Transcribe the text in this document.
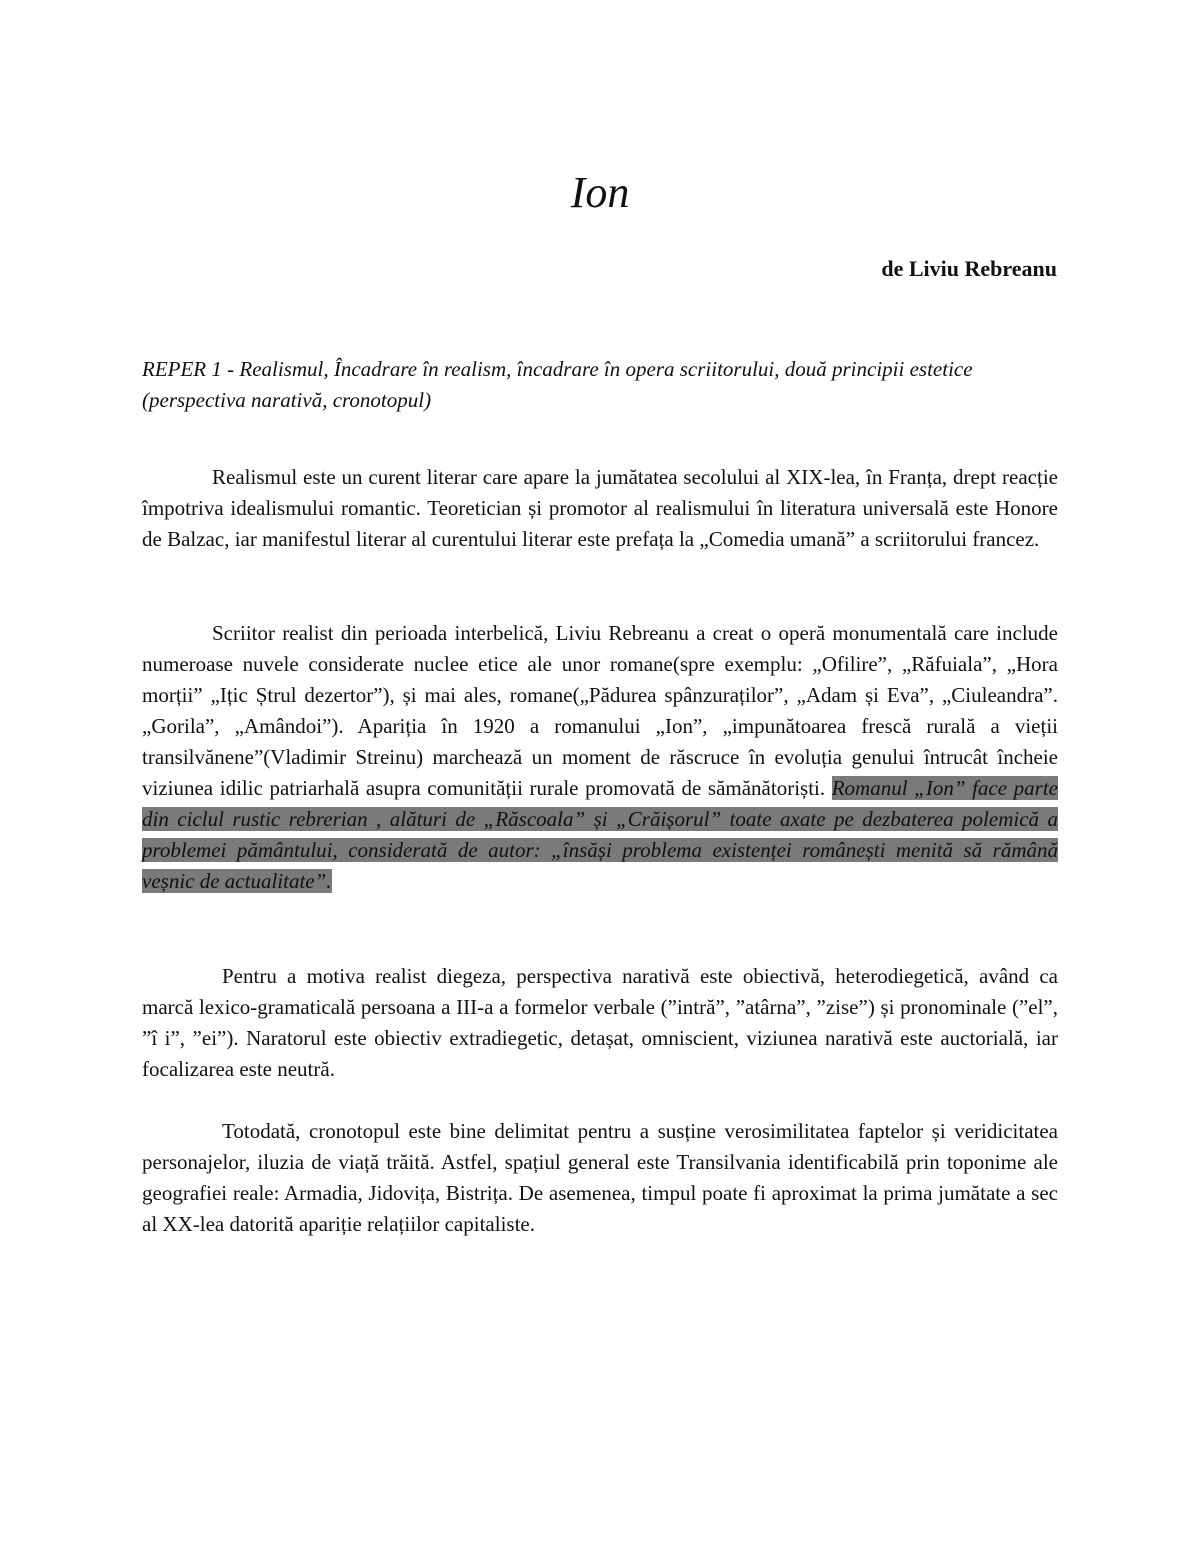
Ion

de Liviu Rebreanu

REPER 1 - Realismul, Încadrare în realism, încadrare în opera scriitorului, două principii estetice (perspectiva narativă, cronotopul)

Realismul este un curent literar care apare la jumătatea secolului al XIX-lea, în Franța, drept reacție împotriva idealismului romantic. Teoretician și promotor al realismului în literatura universală este Honore de Balzac, iar manifestul literar al curentului literar este prefața la „Comedia umană” a scriitorului francez.

Scriitor realist din perioada interbelică, Liviu Rebreanu a creat o operă monumentală care include numeroase nuvele considerate nuclee etice ale unor romane(spre exemplu: „Ofilire”, „Răfuiala”, „Hora morții” „Ițic Ștrul dezertor”), și mai ales, romane(„Pădurea spânzuraților”, „Adam și Eva”, „Ciuleandra”. „Gorila”, „Amândoi”). Apariția în 1920 a romanului „Ion”, „impunătoarea frescă rurală a vieții transilvănene”(Vladimir Streinu) marchează un moment de răscruce în evoluția genului întrucât încheie viziunea idilic patriarhală asupra comunității rurale promovată de sămănătoriști. Romanul „Ion” face parte din ciclul rustic rebrerian , alături de „Răscoala” și „Crăișorul” toate axate pe dezbaterea polemică a problemei pământului, considerată de autor: „însăși problema existenței românești menită să rămână veșnic de actualitate”.

Pentru a motiva realist diegeza, perspectiva narativă este obiectivă, heterodiegetică, având ca marcă lexico-gramaticală persoana a III-a a formelor verbale (”intră”, ”atârna”, ”zise”) și pronominale (”el”, ”î i”, ”ei”). Naratorul este obiectiv extradiegetic, detașat, omniscient, viziunea narativă este auctorială, iar focalizarea este neutră.

Totodată, cronotopul este bine delimitat pentru a susține verosimilitatea faptelor și veridicitatea personajelor, iluzia de viață trăită. Astfel, spațiul general este Transilvania identificabilă prin toponime ale geografiei reale: Armadia, Jidovița, Bistrița. De asemenea, timpul poate fi aproximat la prima jumătate a sec al XX-lea datorită apariție relațiilor capitaliste.
